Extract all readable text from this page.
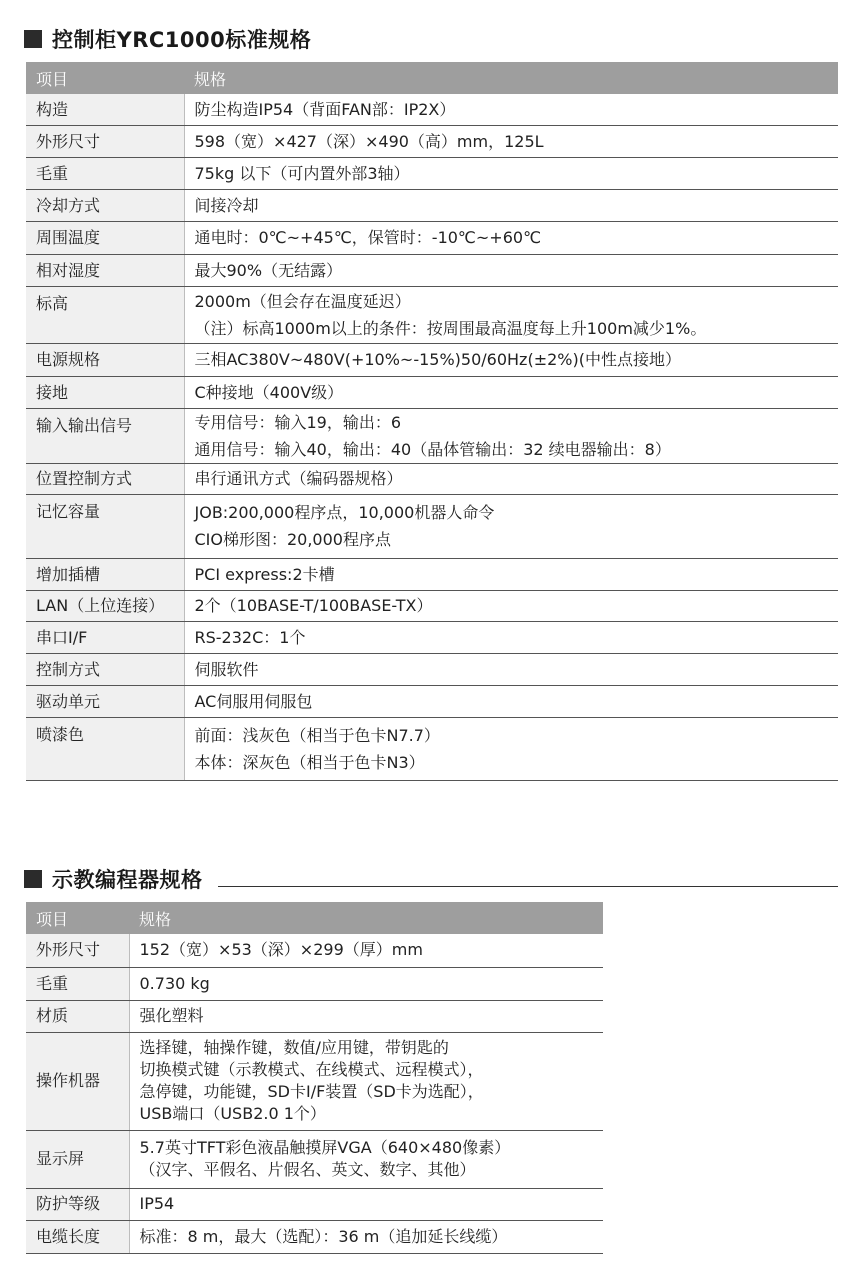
控制柜YRC1000标准规格
项目	规格
构造	防尘构造IP54（背面FAN部：IP2X）

外形尺寸	598（宽）×427（深）×490（高）mm，125L

毛重	75kg 以下（可内置外部3轴）

冷却方式	间接冷却

周围温度	通电时：0℃~+45℃，保管时：-10℃~+60℃

相对湿度	最大90%（无结露）

标高	2000m（但会存在温度延迟）
（注）标高1000m以上的条件：按周围最高温度每上升100m减少1%。

电源规格	三相AC380V~480V(+10%~-15%)50/60Hz(±2%)(中性点接地）

接地	C种接地（400V级）

输入输出信号	专用信号：输入19，输出：6
通用信号：输入40，输出：40（晶体管输出：32 续电器输出：8）

位置控制方式	串行通讯方式（编码器规格）

记忆容量	JOB:200,000程序点，10,000机器人命令
CIO梯形图：20,000程序点

增加插槽	PCI express:2卡槽

LAN（上位连接）	2个（10BASE-T/100BASE-TX）

串口I/F	RS-232C：1个

控制方式	伺服软件

驱动单元	AC伺服用伺服包

喷漆色	前面：浅灰色（相当于色卡N7.7）
本体：深灰色（相当于色卡N3）
示教编程器规格
项目	规格
外形尺寸	152（宽）×53（深）×299（厚）mm

毛重	0.730 kg

材质	强化塑料

操作机器	选择键，轴操作键，数值/应用键，带钥匙的
切换模式键（示教模式、在线模式、远程模式），
急停键，功能键，SD卡I/F装置（SD卡为选配），
USB端口（USB2.0 1个）

显示屏	5.7英寸TFT彩色液晶触摸屏VGA（640×480像素）
（汉字、平假名、片假名、英文、数字、其他）

防护等级	IP54

电缆长度	标准：8 m，最大（选配）：36 m（追加延长线缆）
